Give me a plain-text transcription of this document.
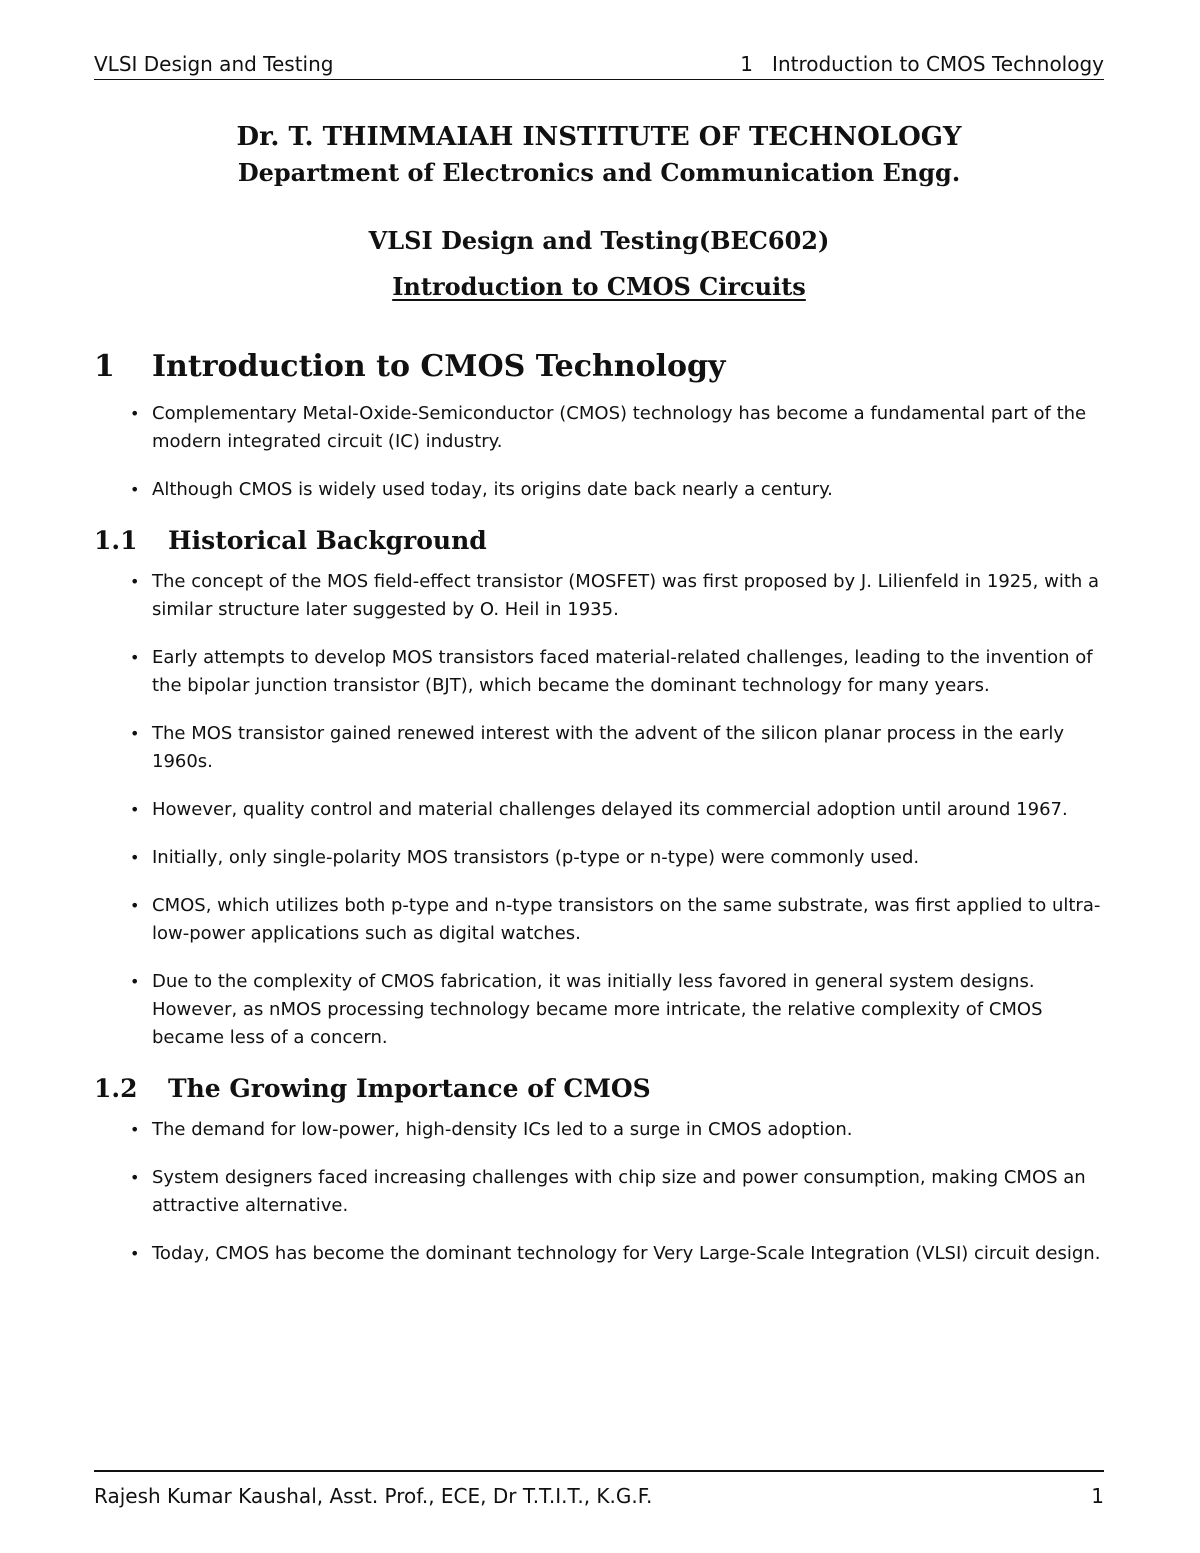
VLSI Design and Testing	1   Introduction to CMOS Technology

Dr. T. THIMMAIAH INSTITUTE OF TECHNOLOGY

Department of Electronics and Communication Engg.

VLSI Design and Testing(BEC602)

Introduction to CMOS Circuits

1 Introduction to CMOS Technology
• Complementary Metal-Oxide-Semiconductor (CMOS) technology has become a fundamental part of the modern integrated circuit (IC) industry.
• Although CMOS is widely used today, its origins date back nearly a century.
1.1 Historical Background
• The concept of the MOS field-effect transistor (MOSFET) was first proposed by J. Lilienfeld in 1925, with a similar structure later suggested by O. Heil in 1935.
• Early attempts to develop MOS transistors faced material-related challenges, leading to the invention of the bipolar junction transistor (BJT), which became the dominant technology for many years.
• The MOS transistor gained renewed interest with the advent of the silicon planar process in the early 1960s.
• However, quality control and material challenges delayed its commercial adoption until around 1967.
• Initially, only single-polarity MOS transistors (p-type or n-type) were commonly used.
• CMOS, which utilizes both p-type and n-type transistors on the same substrate, was first applied to ultra-low-power applications such as digital watches.
• Due to the complexity of CMOS fabrication, it was initially less favored in general system designs. However, as nMOS processing technology became more intricate, the relative complexity of CMOS became less of a concern.
1.2 The Growing Importance of CMOS
• The demand for low-power, high-density ICs led to a surge in CMOS adoption.
• System designers faced increasing challenges with chip size and power consumption, making CMOS an attractive alternative.
• Today, CMOS has become the dominant technology for Very Large-Scale Integration (VLSI) circuit design.
Rajesh Kumar Kaushal, Asst. Prof., ECE, Dr T.T.I.T., K.G.F.	1
